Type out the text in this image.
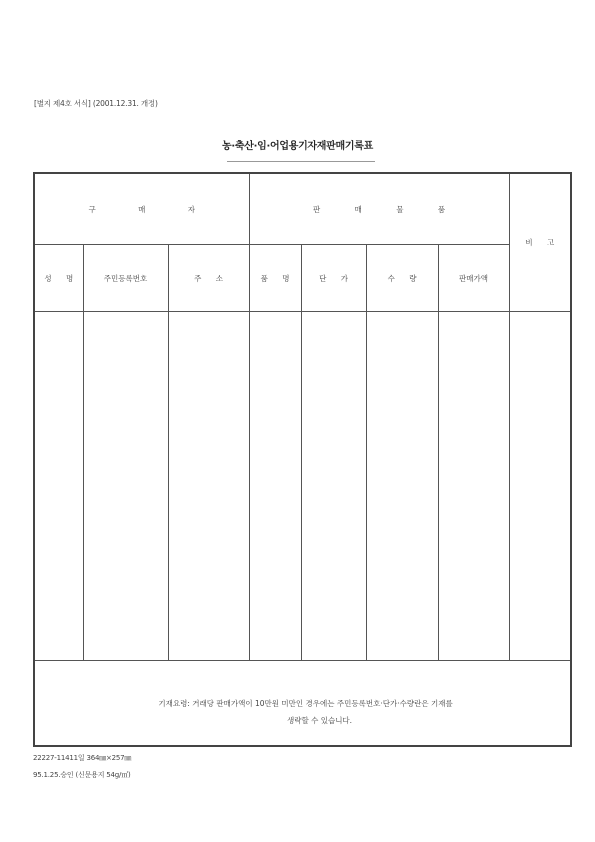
[별지 제4호 서식] (2001.12.31. 개정)
농·축산·임·어업용기자재판매기록표
구 매 자			판 매 물 품				비 고
성 명	주민등록번호	주 소	품 명	단 가	수 량	판매가액	

기재요령: 거래당 판매가액이 10만원 미만인 경우에는 주민등록번호·단가·수량란은 기재를
생략할 수 있습니다.							
22227-11411일 364㎜×257㎜
95.1.25.승인 (신문용지 54g/㎡)
